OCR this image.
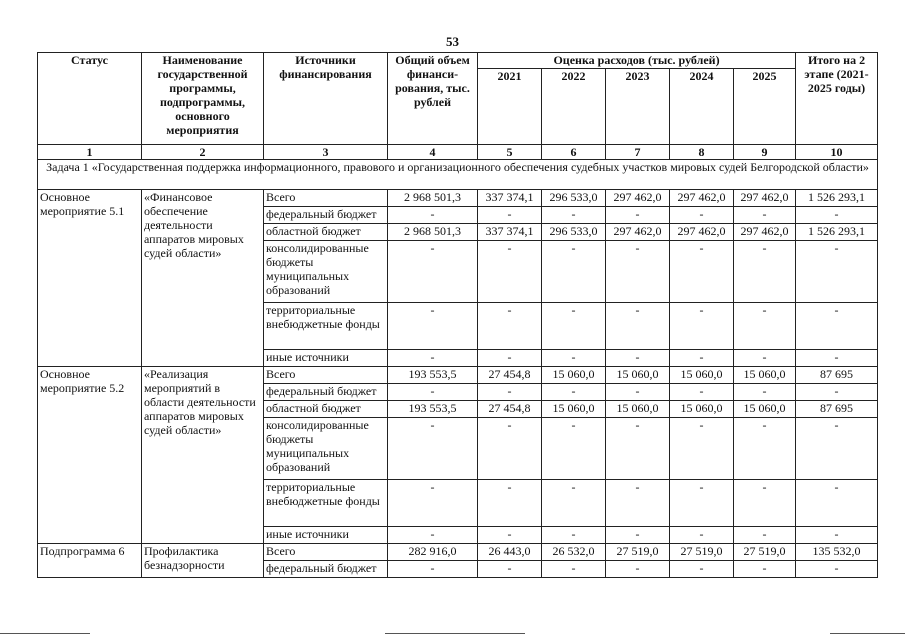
53
Статус	Наименование государственной программы, подпрограммы, основного мероприятия	Источники финансирования	Общий объем финанси-рования, тыс. рублей	Оценка расходов (тыс. рублей)					Итого на 2 этапе (2021-2025 годы)
				2021	2022	2023	2024	2025	
1	2	3	4	5	6	7	8	9	10
Задача 1 «Государственная поддержка информационного, правового и организационного обеспечения судебных участков мировых судей Белгородской области»									
Основное мероприятие 5.1	«Финансовое обеспечение деятельности аппаратов мировых судей области»	Всего	2 968 501,3	337 374,1	296 533,0	297 462,0	297 462,0	297 462,0	1 526 293,1
		федеральный бюджет	-	-	-	-	-	-	-
		областной бюджет	2 968 501,3	337 374,1	296 533,0	297 462,0	297 462,0	297 462,0	1 526 293,1
		консолидированные бюджеты муниципальных образований	-	-	-	-	-	-	-
		территориальные внебюджетные фонды	-	-	-	-	-	-	-
		иные источники	-	-	-	-	-	-	-
Основное мероприятие 5.2	«Реализация мероприятий в области деятельности аппаратов мировых судей области»	Всего	193 553,5	27 454,8	15 060,0	15 060,0	15 060,0	15 060,0	87 695
		федеральный бюджет	-	-	-	-	-	-	-
		областной бюджет	193 553,5	27 454,8	15 060,0	15 060,0	15 060,0	15 060,0	87 695
		консолидированные бюджеты муниципальных образований	-	-	-	-	-	-	-
		территориальные внебюджетные фонды	-	-	-	-	-	-	-
		иные источники	-	-	-	-	-	-	-
Подпрограмма 6	Профилактика безнадзорности	Всего	282 916,0	26 443,0	26 532,0	27 519,0	27 519,0	27 519,0	135 532,0
		федеральный бюджет	-	-	-	-	-	-	-
